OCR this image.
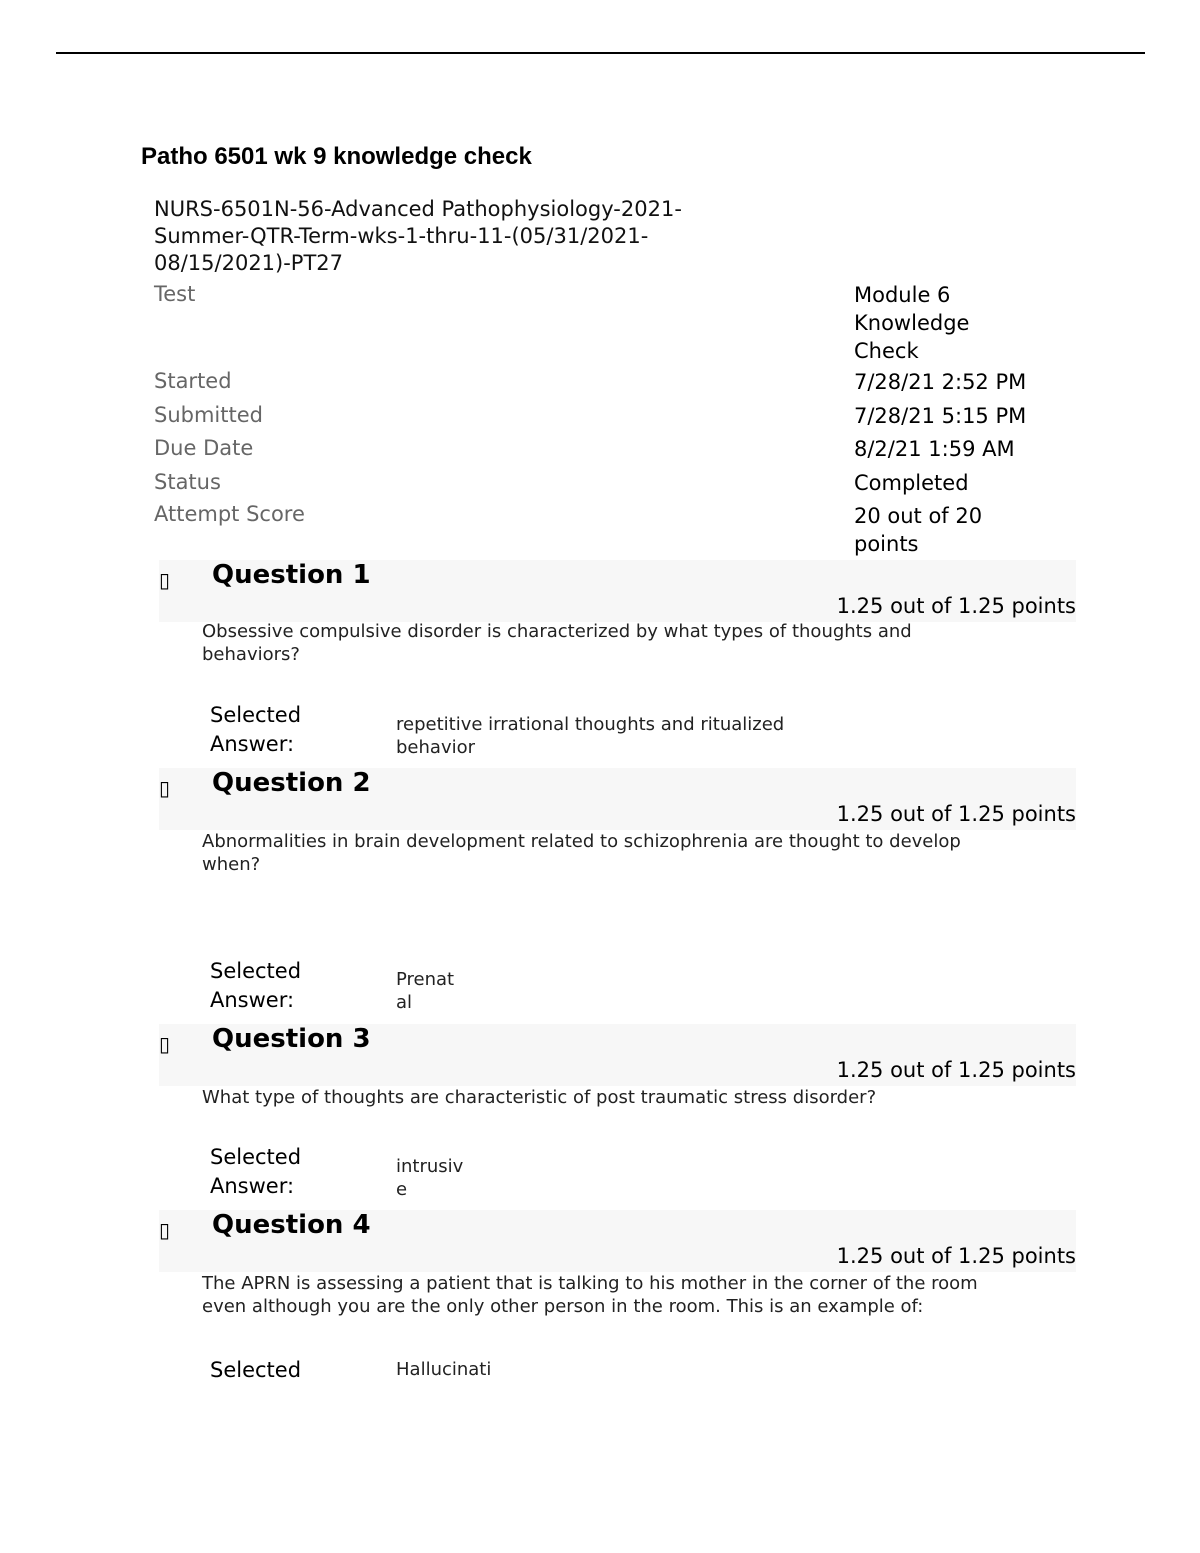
Patho 6501 wk 9 knowledge check
NURS-6501N-56-Advanced Pathophysiology-2021-
Summer-QTR-Term-wks-1-thru-11-(05/31/2021-
08/15/2021)-PT27
Test	Module 6
Knowledge
Check
Started	7/28/21 2:52 PM
Submitted	7/28/21 5:15 PM
Due Date	8/2/21 1:59 AM
Status	Completed
Attempt Score	20 out of 20
points
▯ Question 1
1.25 out of 1.25 points
Obsessive compulsive disorder is characterized by what types of thoughts and
behaviors?
Selected
Answer:
repetitive irrational thoughts and ritualized
behavior
▯ Question 2
1.25 out of 1.25 points
Abnormalities in brain development related to schizophrenia are thought to develop
when?
Selected
Answer:
Prenat
al
▯ Question 3
1.25 out of 1.25 points
What type of thoughts are characteristic of post traumatic stress disorder?
Selected
Answer:
intrusiv
e
▯ Question 4
1.25 out of 1.25 points
The APRN is assessing a patient that is talking to his mother in the corner of the room
even although you are the only other person in the room. This is an example of:
Selected	Hallucinati
